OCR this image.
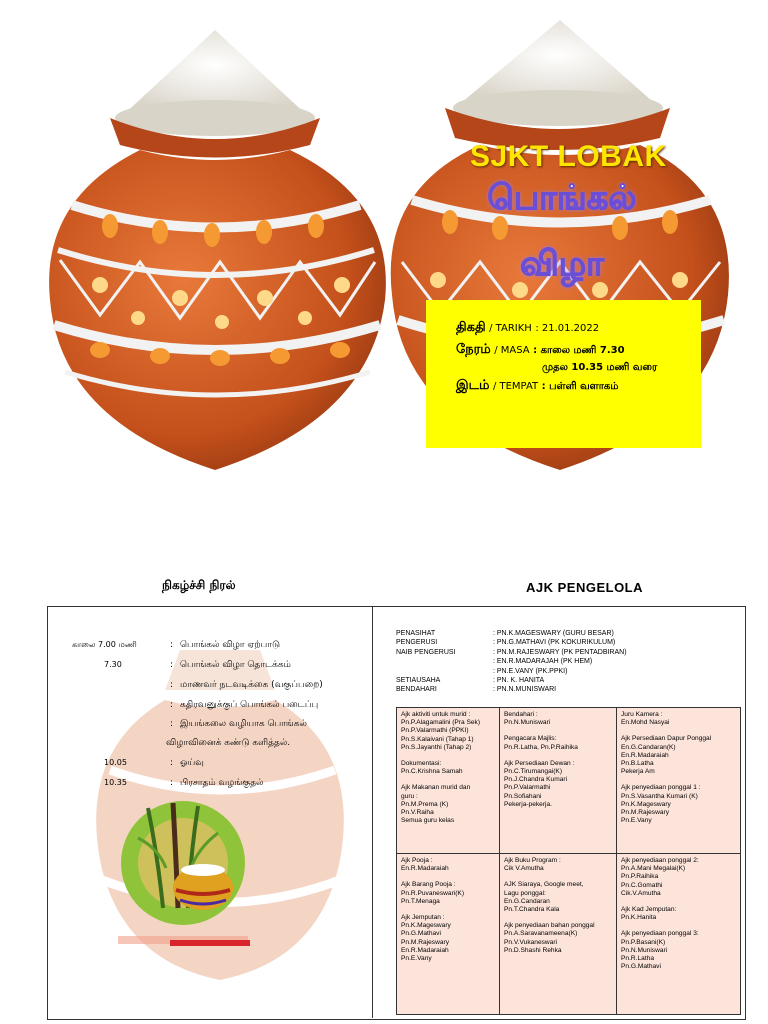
SJKT LOBAK
பொங்கல்
விழா
திகதி / TARIKH : 21.01.2022
நேரம் / MASA : காலை மணி 7.30
முதல 10.35 மணி வரை
இடம் / TEMPAT : பள்ளி வளாகம்
நிகழ்ச்சி நிரல்	AJK PENGELOLA
காலை 7.00 மணி	: பொங்கல் விழா ஏற்பாடு
7.30	: பொங்கல் விழா தொடக்கம்
: மாணவர் நடவடிக்கை (வகுப்பறை)
: கதிரவனுக்குப் பொங்கல் படைப்பு
: இயங்கலை வழியாக பொங்கல்
விழாவினைக் கண்டு களித்தல்.
10.05	: ஓய்வு
10.35	: பிரசாதம் வழங்குதல்
PENASIHAT	: PN.K.MAGESWARY (GURU BESAR)
PENGERUSI	: PN.G.MATHAVI (PK KOKURIKULUM)
NAIB PENGERUSI	: PN.M.RAJESWARY (PK PENTADBIRAN)
: EN.R.MADARAJAH (PK HEM)
: PN.E.VANY (PK.PPKI)
SETIAUSAHA	: PN. K. HANITA
BENDAHARI	: PN.N.MUNISWARI
Ajk aktiviti untuk murid :
Pn.P.Alagamalini (Pra Sek)
Pn.P.Valarmathi (PPKI)
Pn.S.Kalaivani (Tahap 1)
Pn.S.Jayanthi (Tahap 2)
Dokumentasi:
Pn.C.Krishna Samah
Ajk Makanan murid dan
guru :
Pn.M.Prema (K)
Pn.V.Raiha
Semua guru kelas
Bendahari :
Pn.N.Muniswari
Pengacara Majlis:
Pn.R.Latha, Pn.P.Raihika
Ajk Persediaan Dewan :
Pn.C.Tirumangai(K)
Pn.J.Chandra Kumari
Pn.P.Valarmathi
Pn.Sofiahani
Pekerja-pekerja.
Juru Kamera :
En.Mohd Nasyai
Ajk Persediaan Dapur Ponggal
En.G.Candaran(K)
En.R.Madaraiah
Pn.B.Latha
Pekerja Am
Ajk penyediaan ponggal 1 :
Pn.S.Vasantha Kumari (K)
Pn.K.Mageswary
Pn.M.Rajeswary
Pn.E.Vany
Ajk Pooja :
En.R.Madaraiah
Ajk Barang Pooja :
Pn.R.Puvaneswari(K)
Pn.T.Menaga
Ajk Jemputan :
Pn.K.Mageswary
Pn.G.Mathavi
Pn.M.Rajeswary
En.R.Madaraiah
Pn.E.Vany
Ajk Buku Program :
Cik V.Amutha
AJK Siaraya, Google meet,
Lagu ponggal:
En.G.Candaran
Pn.T.Chandra Kala
Ajk penyediaan bahan ponggal
Pn.A.Saravanameena(K)
Pn.V.Vukaneswari
Pn.D.Shashi Rehka
Ajk penyediaan ponggal 2:
Pn.A.Mani Megalai(K)
Pn.P.Raihika
Pn.C.Gomathi
Cik.V.Amutha
Ajk Kad Jemputan:
Pn.K.Hanita
Ajk penyediaan ponggal 3:
Pn.P.Basani(K)
Pn.N.Muniswari
Pn.R.Latha
Pn.G.Mathavi
